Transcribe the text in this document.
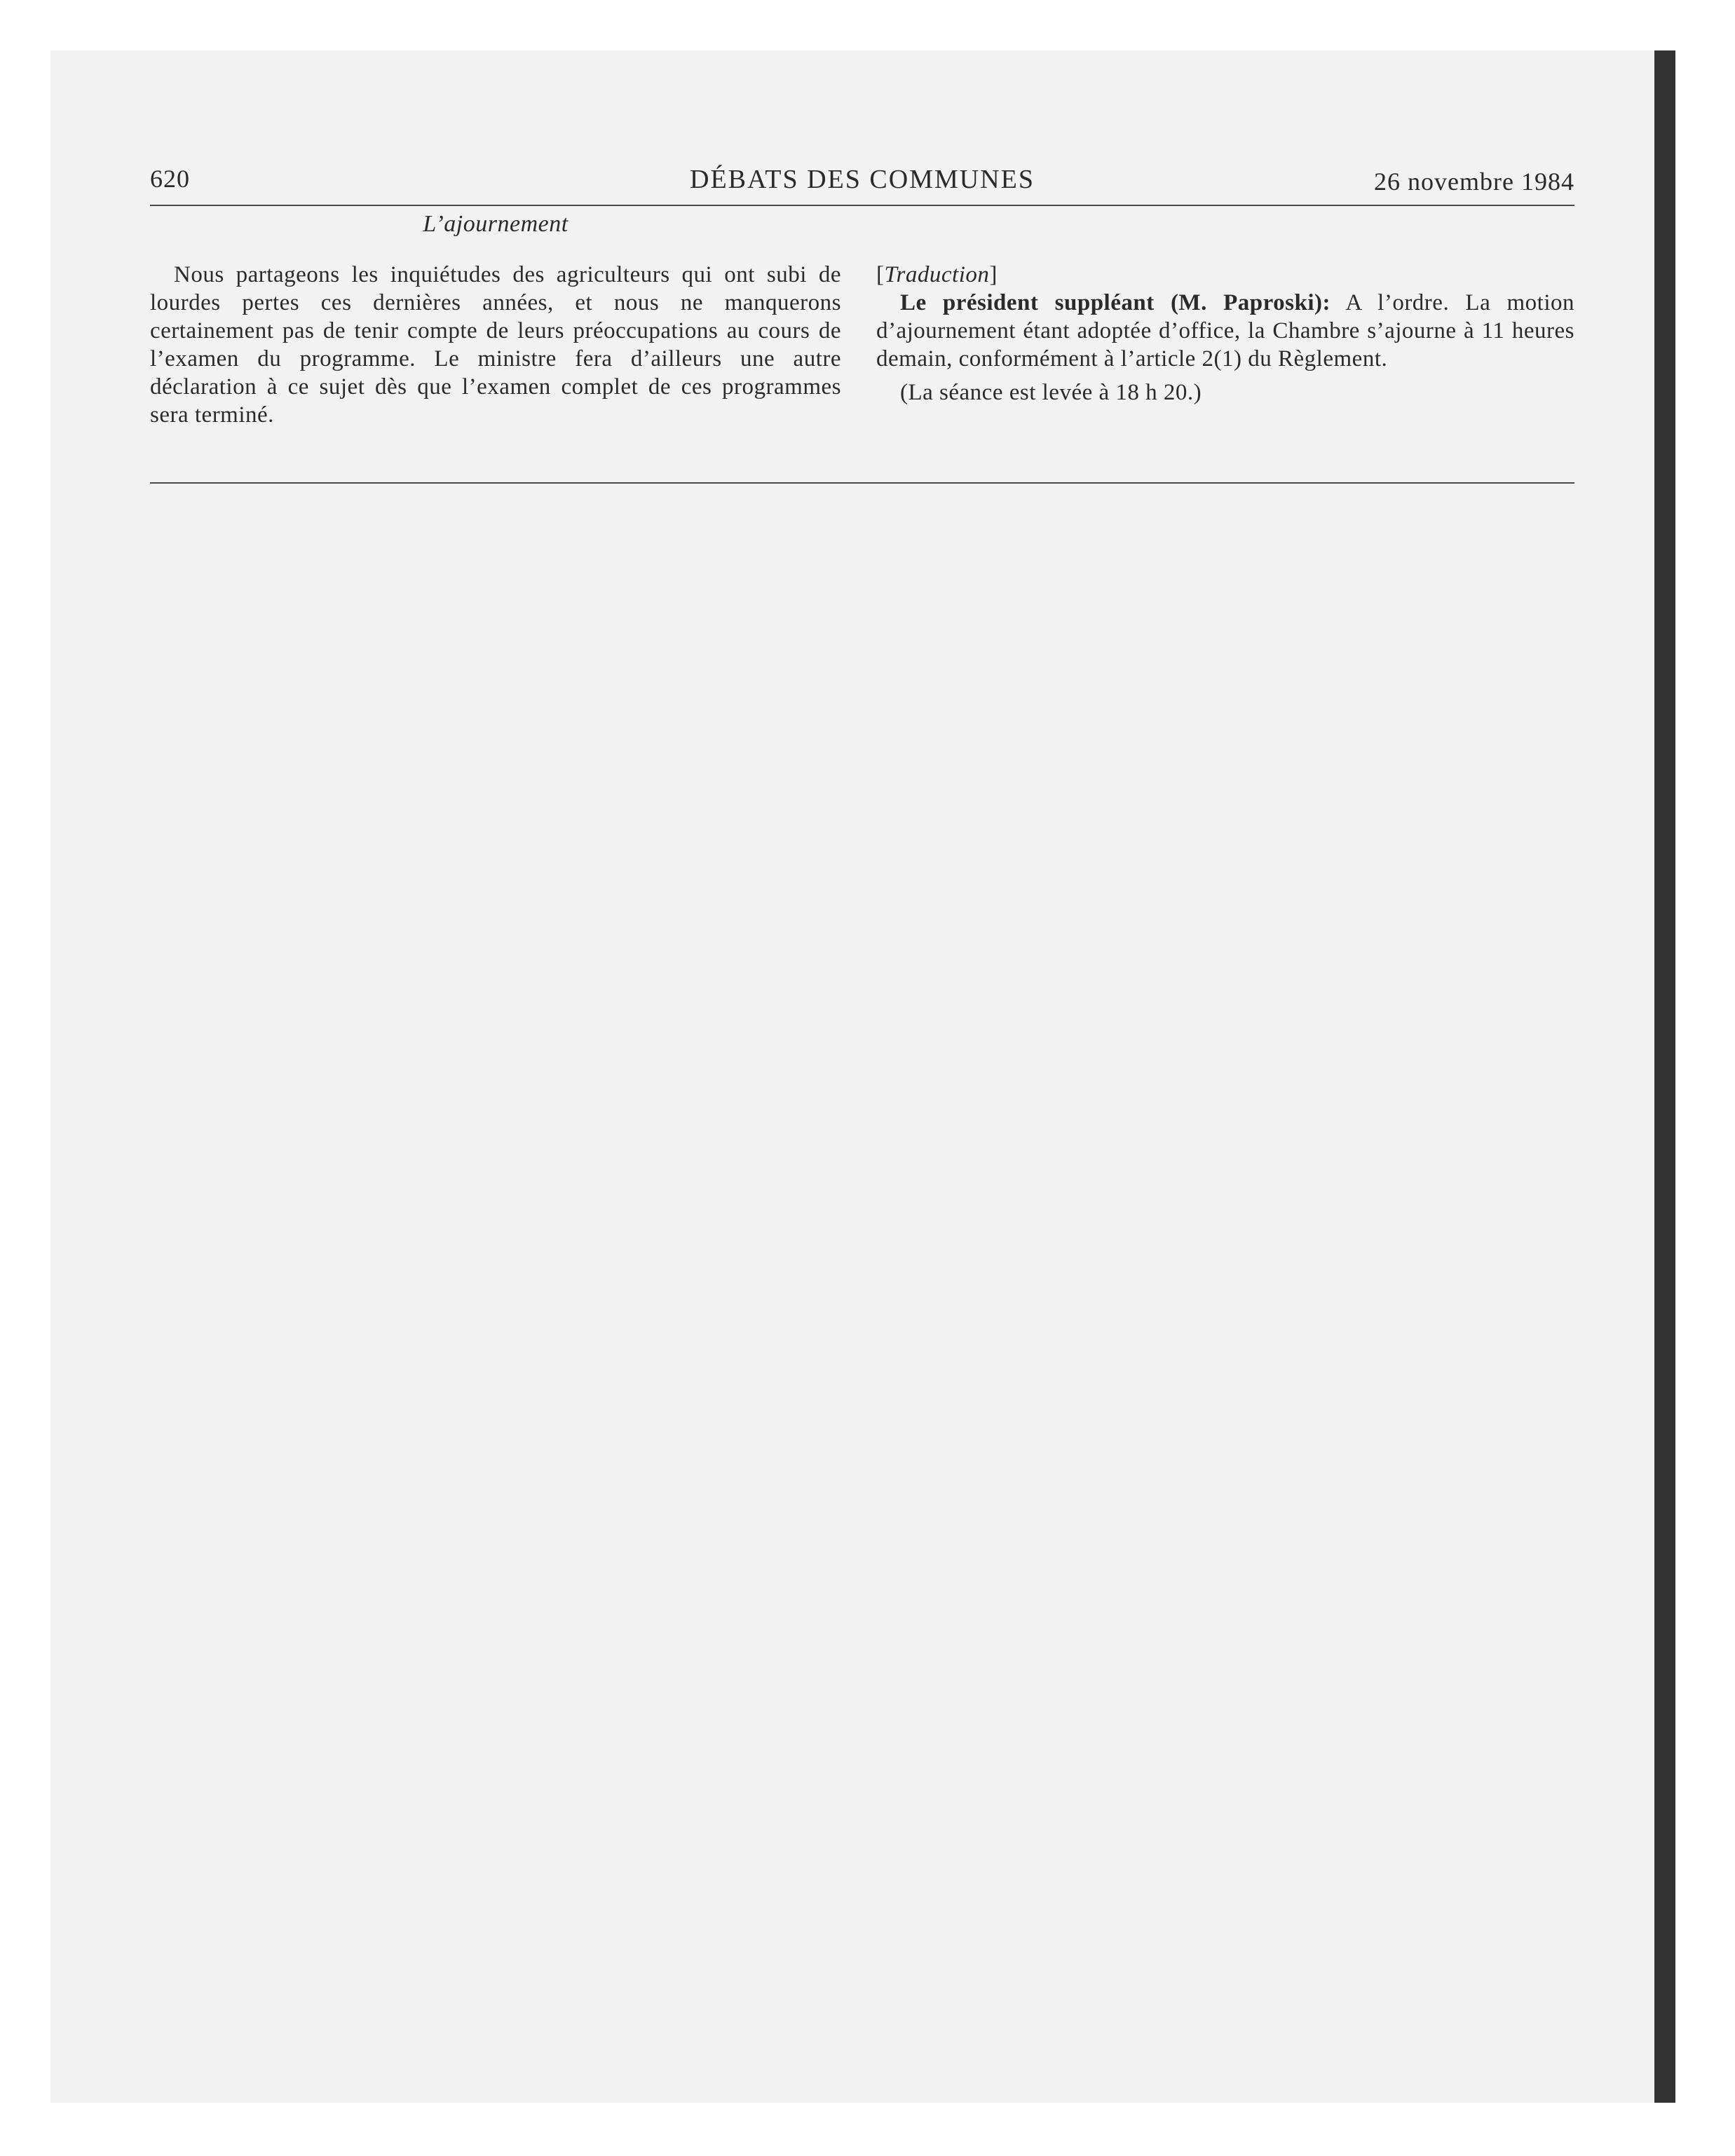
620	DÉBATS DES COMMUNES	26 novembre 1984

L’ajournement

Nous partageons les inquiétudes des agriculteurs qui ont subi de lourdes pertes ces dernières années, et nous ne manquerons certainement pas de tenir compte de leurs préoccupations au cours de l’examen du programme. Le ministre fera d’ailleurs une autre déclaration à ce sujet dès que l’examen complet de ces programmes sera terminé.

[Traduction]

Le président suppléant (M. Paproski): A l’ordre. La motion d’ajournement étant adoptée d’office, la Chambre s’ajourne à 11 heures demain, conformément à l’article 2(1) du Règlement.

(La séance est levée à 18 h 20.)
